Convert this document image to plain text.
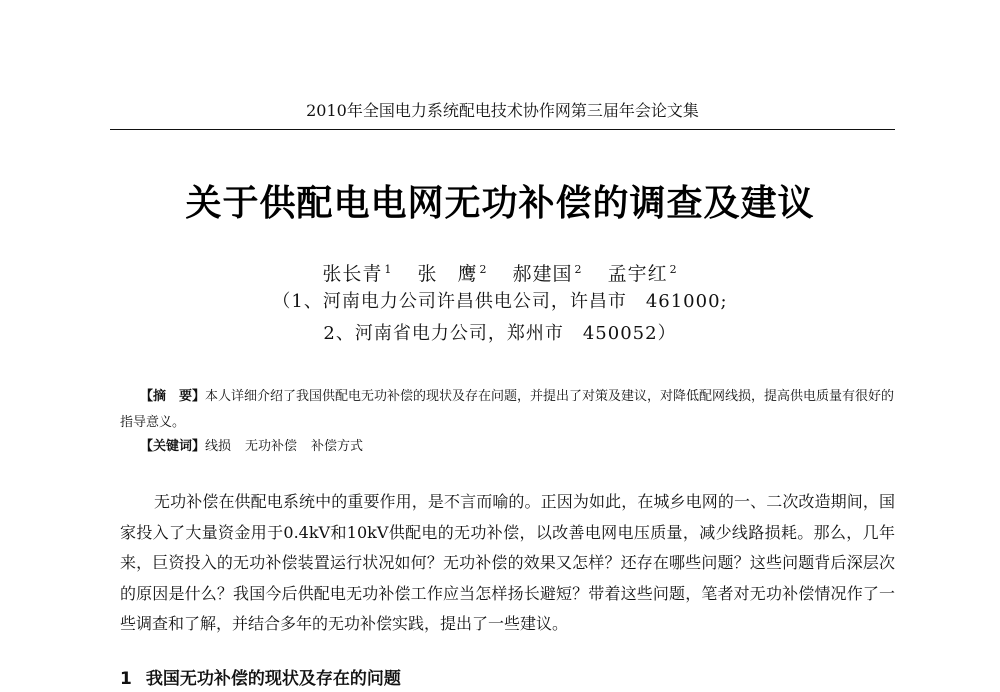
2010年全国电力系统配电技术协作网第三届年会论文集
关于供配电电网无功补偿的调查及建议
张长青 $^1$ 张　鹰 $^2$ 郝建国 $^2$ 孟宇红 $^2$
（1、河南电力公司许昌供电公司，许昌市　461000;
2、河南省电力公司，郑州市　450052）
【摘　要】本人详细介绍了我国供配电无功补偿的现状及存在问题，并提出了对策及建议，对降低配网线损，提高供电质量有很好的指导意义。
【关键词】线损 无功补偿 补偿方式
无功补偿在供配电系统中的重要作用，是不言而喻的。正因为如此，在城乡电网的一、二次改造期间，国家投入了大量资金用于0.4kV和10kV供配电的无功补偿，以改善电网电压质量，减少线路损耗。那么，几年来，巨资投入的无功补偿装置运行状况如何？无功补偿的效果又怎样？还存在哪些问题？这些问题背后深层次的原因是什么？我国今后供配电无功补偿工作应当怎样扬长避短？带着这些问题，笔者对无功补偿情况作了一些调查和了解，并结合多年的无功补偿实践，提出了一些建议。
1 我国无功补偿的现状及存在的问题
